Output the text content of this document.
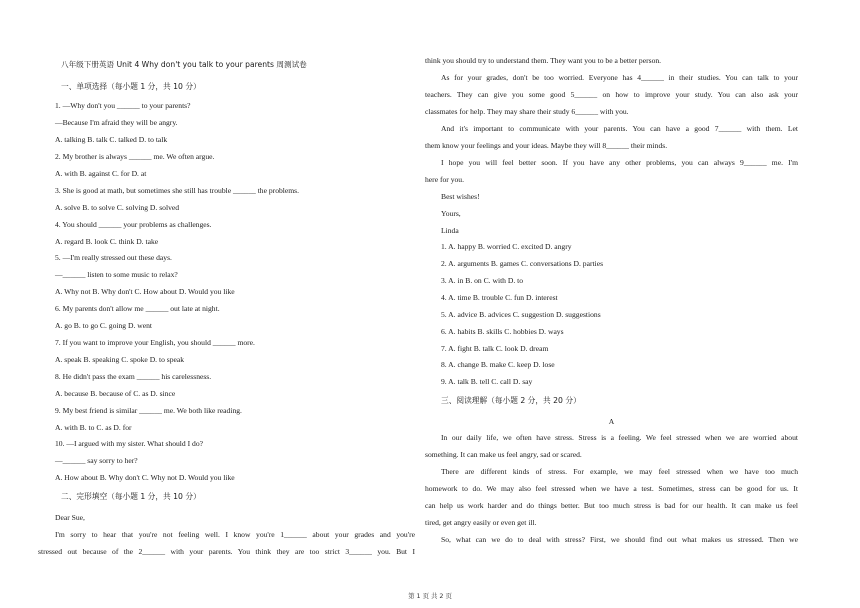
八年级下册英语 Unit 4 Why don't you talk to your parents 周测试卷
一、单项选择（每小题 1 分，共 10 分）
1. —Why don't you ______ to your parents?
—Because I'm afraid they will be angry.
A. talking B. talk C. talked D. to talk
2. My brother is always ______ me. We often argue.
A. with B. against C. for D. at
3. She is good at math, but sometimes she still has trouble ______ the problems.
A. solve B. to solve C. solving D. solved
4. You should ______ your problems as challenges.
A. regard B. look C. think D. take
5. —I'm really stressed out these days.
—______ listen to some music to relax?
A. Why not B. Why don't C. How about D. Would you like
6. My parents don't allow me ______ out late at night.
A. go B. to go C. going D. went
7. If you want to improve your English, you should ______ more.
A. speak B. speaking C. spoke D. to speak
8. He didn't pass the exam ______ his carelessness.
A. because B. because of C. as D. since
9. My best friend is similar ______ me. We both like reading.
A. with B. to C. as D. for
10. —I argued with my sister. What should I do?
—______ say sorry to her?
A. How about B. Why don't C. Why not D. Would you like
二、完形填空（每小题 1 分，共 10 分）
Dear Sue,
I'm sorry to hear that you're not feeling well. I know you're 1______ about your grades and you're
stressed out because of the 2______ with your parents. You think they are too strict 3______ you. But I
think you should try to understand them. They want you to be a better person.
As for your grades, don't be too worried. Everyone has 4______ in their studies. You can talk to your
teachers. They can give you some good 5______ on how to improve your study. You can also ask your
classmates for help. They may share their study 6______ with you.
And it's important to communicate with your parents. You can have a good 7______ with them. Let
them know your feelings and your ideas. Maybe they will 8______ their minds.
I hope you will feel better soon. If you have any other problems, you can always 9______ me. I'm
here for you.
Best wishes!
Yours,
Linda
1. A. happy B. worried C. excited D. angry
2. A. arguments B. games C. conversations D. parties
3. A. in B. on C. with D. to
4. A. time B. trouble C. fun D. interest
5. A. advice B. advices C. suggestion D. suggestions
6. A. habits B. skills C. hobbies D. ways
7. A. fight B. talk C. look D. dream
8. A. change B. make C. keep D. lose
9. A. talk B. tell C. call D. say
三、阅读理解（每小题 2 分，共 20 分）
A
In our daily life, we often have stress. Stress is a feeling. We feel stressed when we are worried about
something. It can make us feel angry, sad or scared.
There are different kinds of stress. For example, we may feel stressed when we have too much
homework to do. We may also feel stressed when we have a test. Sometimes, stress can be good for us. It
can help us work harder and do things better. But too much stress is bad for our health. It can make us feel
tired, get angry easily or even get ill.
So, what can we do to deal with stress? First, we should find out what makes us stressed. Then we
第 1 页 共 2 页
